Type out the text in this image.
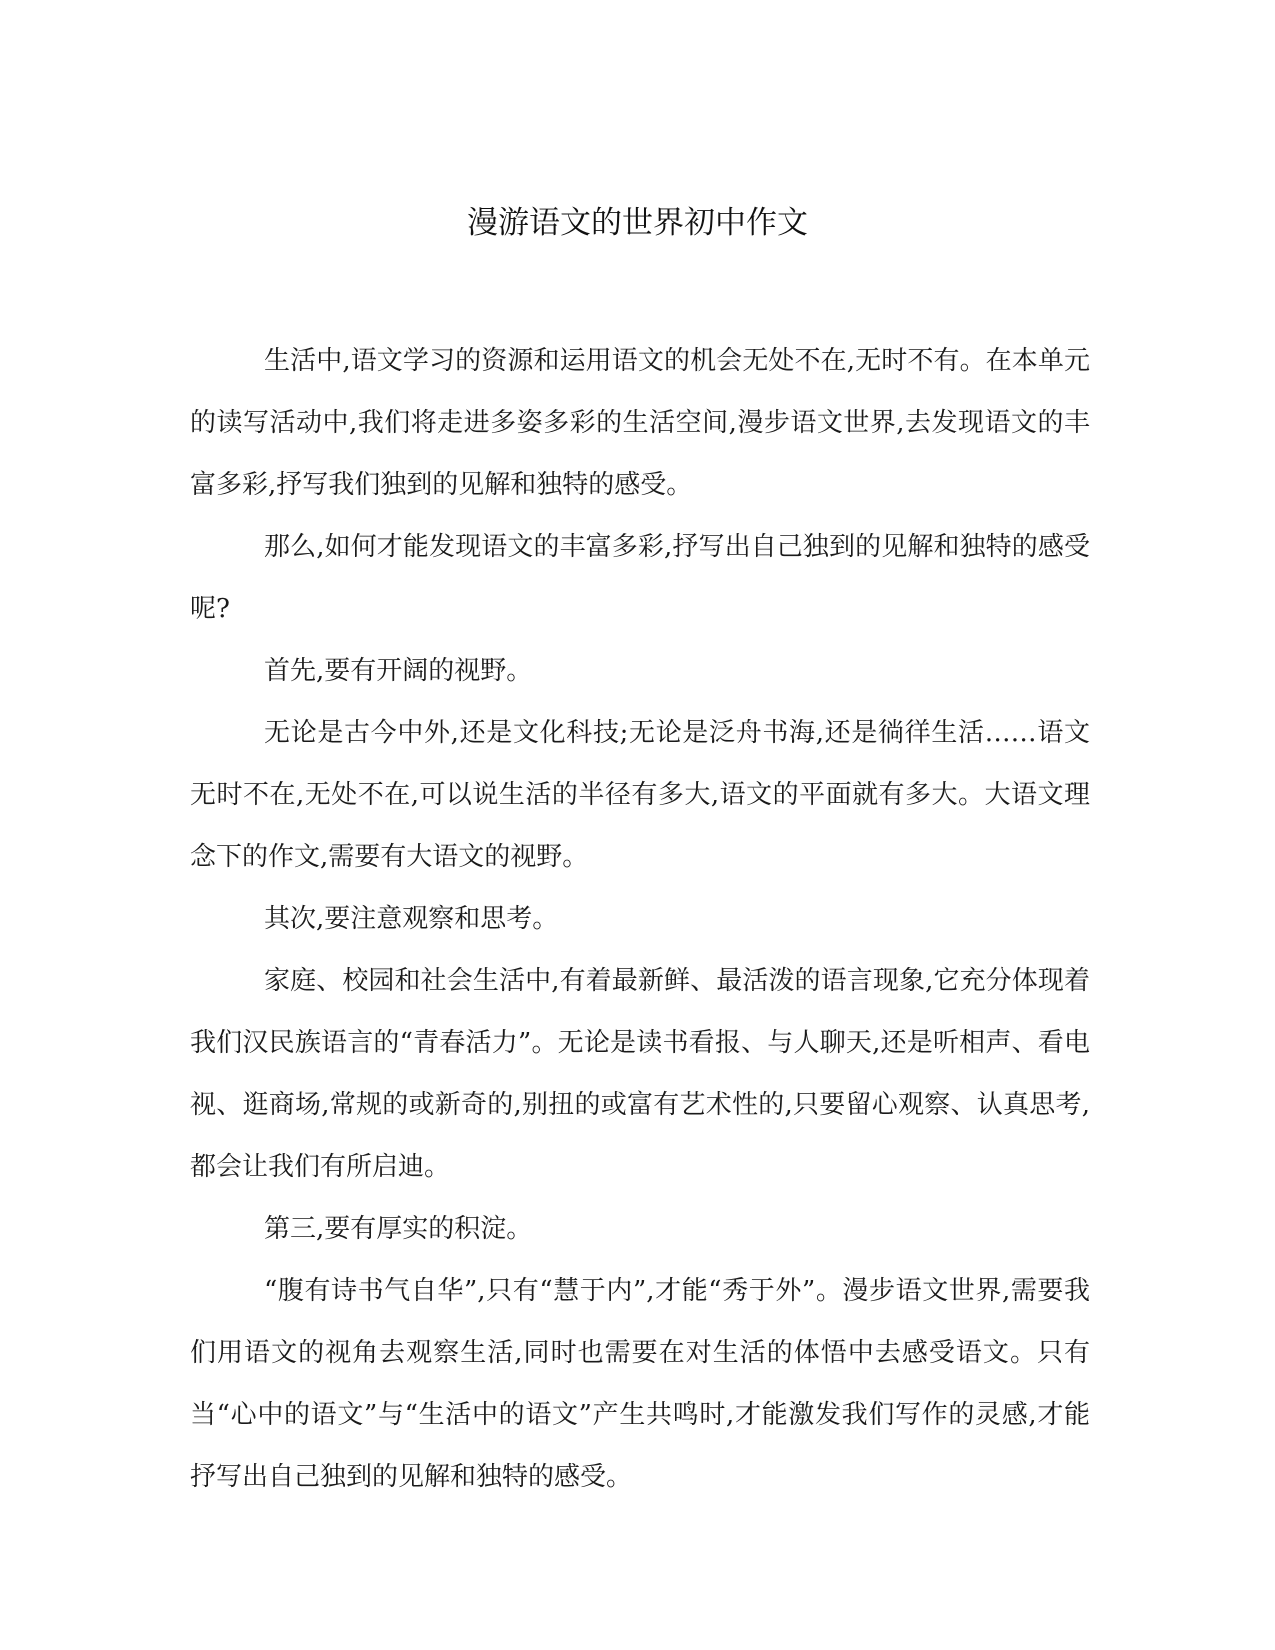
漫游语文的世界初中作文

生活中,语文学习的资源和运用语文的机会无处不在,无时不有。在本单元的读写活动中,我们将走进多姿多彩的生活空间,漫步语文世界,去发现语文的丰富多彩,抒写我们独到的见解和独特的感受。

那么,如何才能发现语文的丰富多彩,抒写出自己独到的见解和独特的感受呢?

首先,要有开阔的视野。

无论是古今中外,还是文化科技;无论是泛舟书海,还是徜徉生活……语文无时不在,无处不在,可以说生活的半径有多大,语文的平面就有多大。大语文理念下的作文,需要有大语文的视野。

其次,要注意观察和思考。

家庭、校园和社会生活中,有着最新鲜、最活泼的语言现象,它充分体现着我们汉民族语言的“青春活力”。无论是读书看报、与人聊天,还是听相声、看电视、逛商场,常规的或新奇的,别扭的或富有艺术性的,只要留心观察、认真思考,都会让我们有所启迪。

第三,要有厚实的积淀。

“腹有诗书气自华”,只有“慧于内”,才能“秀于外”。漫步语文世界,需要我们用语文的视角去观察生活,同时也需要在对生活的体悟中去感受语文。只有当“心中的语文”与“生活中的语文”产生共鸣时,才能激发我们写作的灵感,才能抒写出自己独到的见解和独特的感受。
